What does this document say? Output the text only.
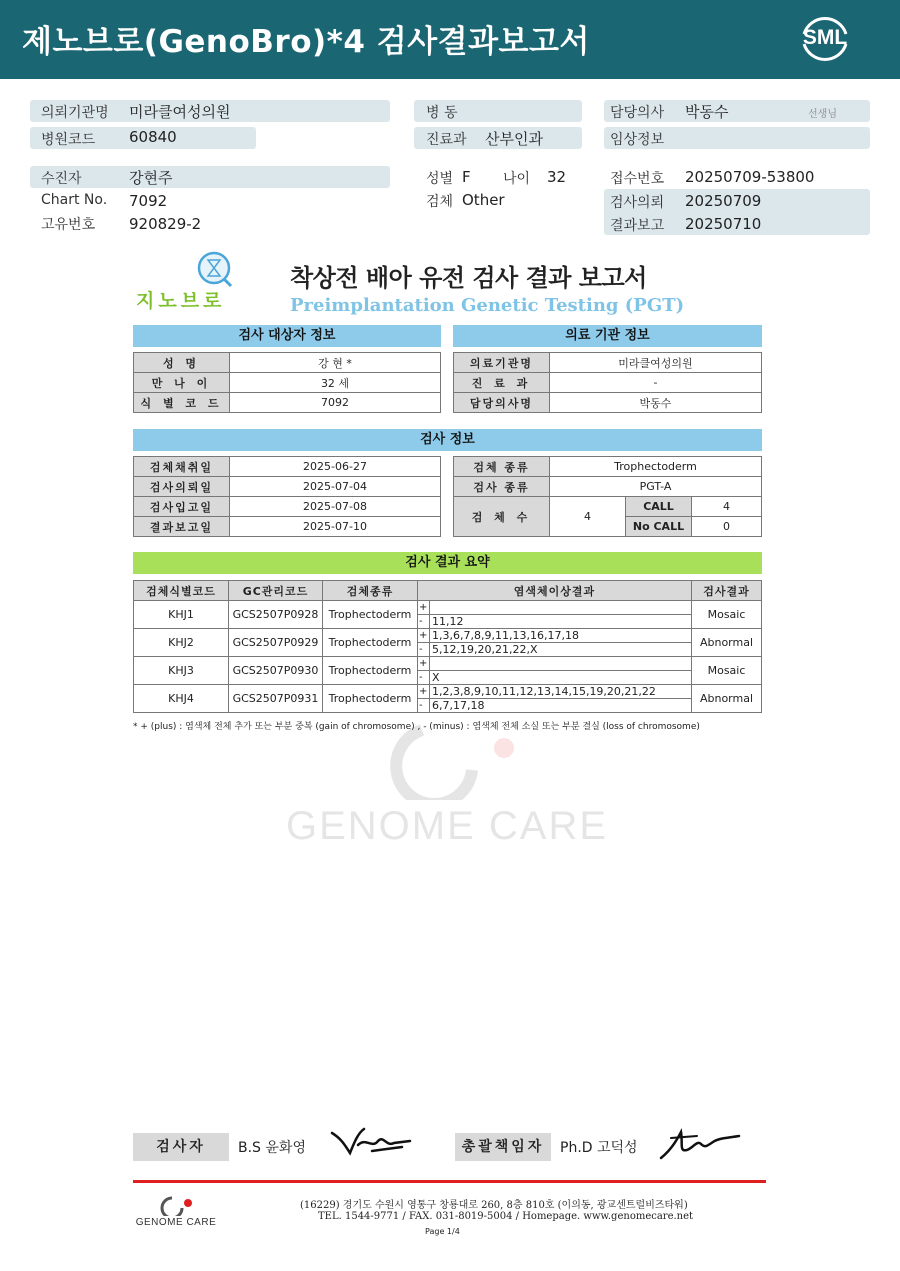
제노브로(GenoBro)*4 검사결과보고서	SML
의뢰기관명 미라클여성의원
병원코드 60840
병 동
진료과 산부인과
담당의사 박동수	선생님
임상정보
수진자	강현주
Chart No. 7092
고유번호 920829-2
성별 F 나이 32
검체 Other
접수번호 20250709-53800
검사의뢰 20250709
결과보고 20250710
지노브로
착상전 배아 유전 검사 결과 보고서
Preimplantation Genetic Testing (PGT)
검사 대상자 정보
성 명	강 현 *
만 나 이	32 세
식 별 코 드	7092
의료 기관 정보
의료기관명	미라클여성의원
진 료 과	-
담당의사명	박동수
검사 정보
검체채취일	2025-06-27
검사의뢰일	2025-07-04
검사입고일	2025-07-08
결과보고일	2025-07-10
검체 종류	Trophectoderm		
검사 종류	PGT-A		
검 체 수	4	CALL	4
		No CALL	0
검사 결과 요약
검체식별코드	GC관리코드	검체종류	염색체이상결과		검사결과
KHJ1	GCS2507P0928	Trophectoderm	+		Mosaic
			-	11,12	
KHJ2	GCS2507P0929	Trophectoderm	+	1,3,6,7,8,9,11,13,16,17,18	Abnormal
			-	5,12,19,20,21,22,X	
KHJ3	GCS2507P0930	Trophectoderm	+		Mosaic
			-	X	
KHJ4	GCS2507P0931	Trophectoderm	+	1,2,3,8,9,10,11,12,13,14,15,19,20,21,22	Abnormal
			-	6,7,17,18	
* + (plus) : 염색체 전체 추가 또는 부분 중복 (gain of chromosome) , - (minus) : 염색체 전체 소실 또는 부분 결실 (loss of chromosome)
GENOME CARE
검사자	B.S 윤화영	총괄책임자	Ph.D 고덕성
GENOME CARE
(16229) 경기도 수원시 영통구 창룡대로 260, 8층 810호 (이의동, 광교센트럴비즈타워)
TEL. 1544-9771 / FAX. 031-8019-5004 / Homepage. www.genomecare.net
Page 1/4
